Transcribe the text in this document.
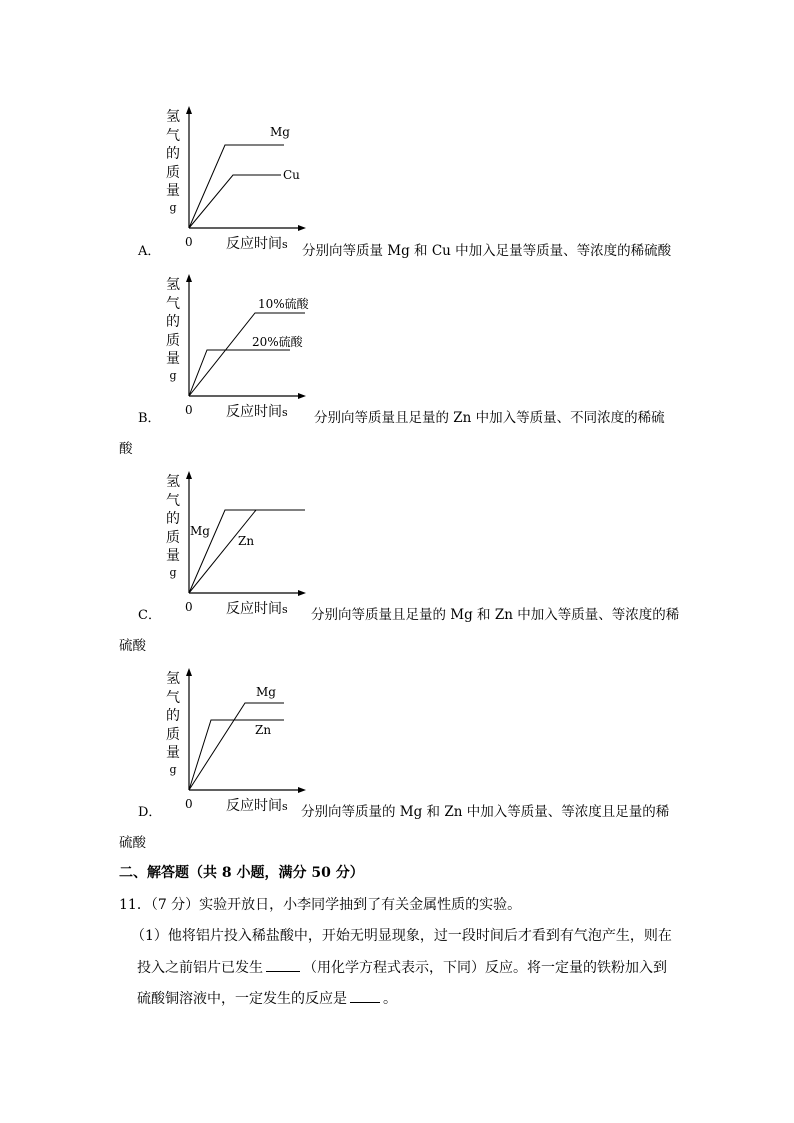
氢
气
的
质
量
g
0 反应时间s
Mg
Cu
A．	分别向等质量 Mg 和 Cu 中加入足量等质量、等浓度的稀硫酸
氢
气
的
质
量
g
0 反应时间s
10%硫酸
20%硫酸
B．	分别向等质量且足量的 Zn 中加入等质量、不同浓度的稀硫
酸
氢
气
的
质
量
g
0 反应时间s
Mg
Zn
C．	分别向等质量且足量的 Mg 和 Zn 中加入等质量、等浓度的稀
硫酸
氢
气
的
质
量
g
0 反应时间s
Mg
Zn
D．	分别向等质量的 Mg 和 Zn 中加入等质量、等浓度且足量的稀
硫酸
二、解答题（共 8 小题，满分 50 分）
11．（7 分）实验开放日，小李同学抽到了有关金属性质的实验。
（1）他将铝片投入稀盐酸中，开始无明显现象，过一段时间后才看到有气泡产生，则在
投入之前铝片已发生	（用化学方程式表示，下同）反应。将一定量的铁粉加入到
硫酸铜溶液中，一定发生的反应是	。
